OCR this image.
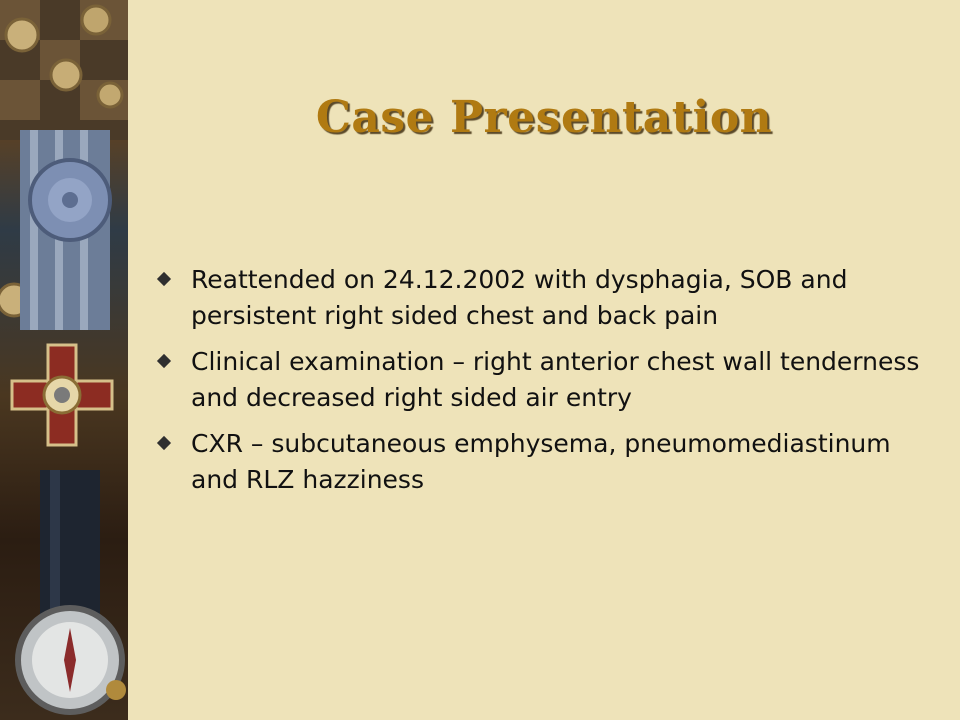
Case Presentation
Reattended on 24.12.2002 with dysphagia, SOB and persistent right sided chest and back pain
Clinical examination – right anterior chest wall tenderness and decreased right sided air entry
CXR – subcutaneous emphysema, pneumomediastinum and RLZ hazziness
